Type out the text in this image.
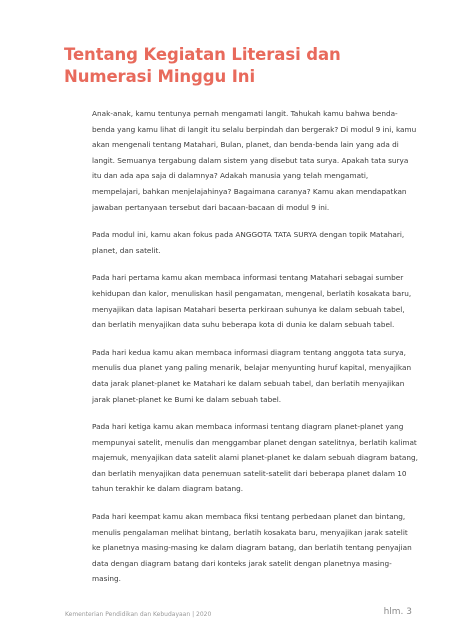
Tentang Kegiatan Literasi dan
Numerasi Minggu Ini

Anak-anak, kamu tentunya pernah mengamati langit. Tahukah kamu bahwa benda-benda yang kamu lihat di langit itu selalu berpindah dan bergerak? Di modul 9 ini, kamu akan mengenali tentang Matahari, Bulan, planet, dan benda-benda lain yang ada di langit. Semuanya tergabung dalam sistem yang disebut tata surya. Apakah tata surya itu dan ada apa saja di dalamnya? Adakah manusia yang telah mengamati, mempelajari, bahkan menjelajahinya? Bagaimana caranya? Kamu akan mendapatkan jawaban pertanyaan tersebut dari bacaan-bacaan di modul 9 ini.

Pada modul ini, kamu akan fokus pada ANGGOTA TATA SURYA dengan topik Matahari, planet, dan satelit.

Pada hari pertama kamu akan membaca informasi tentang Matahari sebagai sumber kehidupan dan kalor, menuliskan hasil pengamatan, mengenal, berlatih kosakata baru, menyajikan data lapisan Matahari beserta perkiraan suhunya ke dalam sebuah tabel, dan berlatih menyajikan data suhu beberapa kota di dunia ke dalam sebuah tabel.

Pada hari kedua kamu akan membaca informasi diagram tentang anggota tata surya, menulis dua planet yang paling menarik, belajar menyunting huruf kapital, menyajikan data jarak planet-planet ke Matahari ke dalam sebuah tabel, dan berlatih menyajikan jarak planet-planet ke Bumi ke dalam sebuah tabel.

Pada hari ketiga kamu akan membaca informasi tentang diagram planet-planet yang mempunyai satelit, menulis dan menggambar planet dengan satelitnya, berlatih kalimat majemuk, menyajikan data satelit alami planet-planet ke dalam sebuah diagram batang, dan berlatih menyajikan data penemuan satelit-satelit dari beberapa planet dalam 10 tahun terakhir ke dalam diagram batang.

Pada hari keempat kamu akan membaca fiksi tentang perbedaan planet dan bintang, menulis pengalaman melihat bintang, berlatih kosakata baru, menyajikan jarak satelit ke planetnya masing-masing ke dalam diagram batang, dan berlatih tentang penyajian data dengan diagram batang dari konteks jarak satelit dengan planetnya masing-masing.

Kementerian Pendidikan dan Kebudayaan | 2020	hlm. 3
